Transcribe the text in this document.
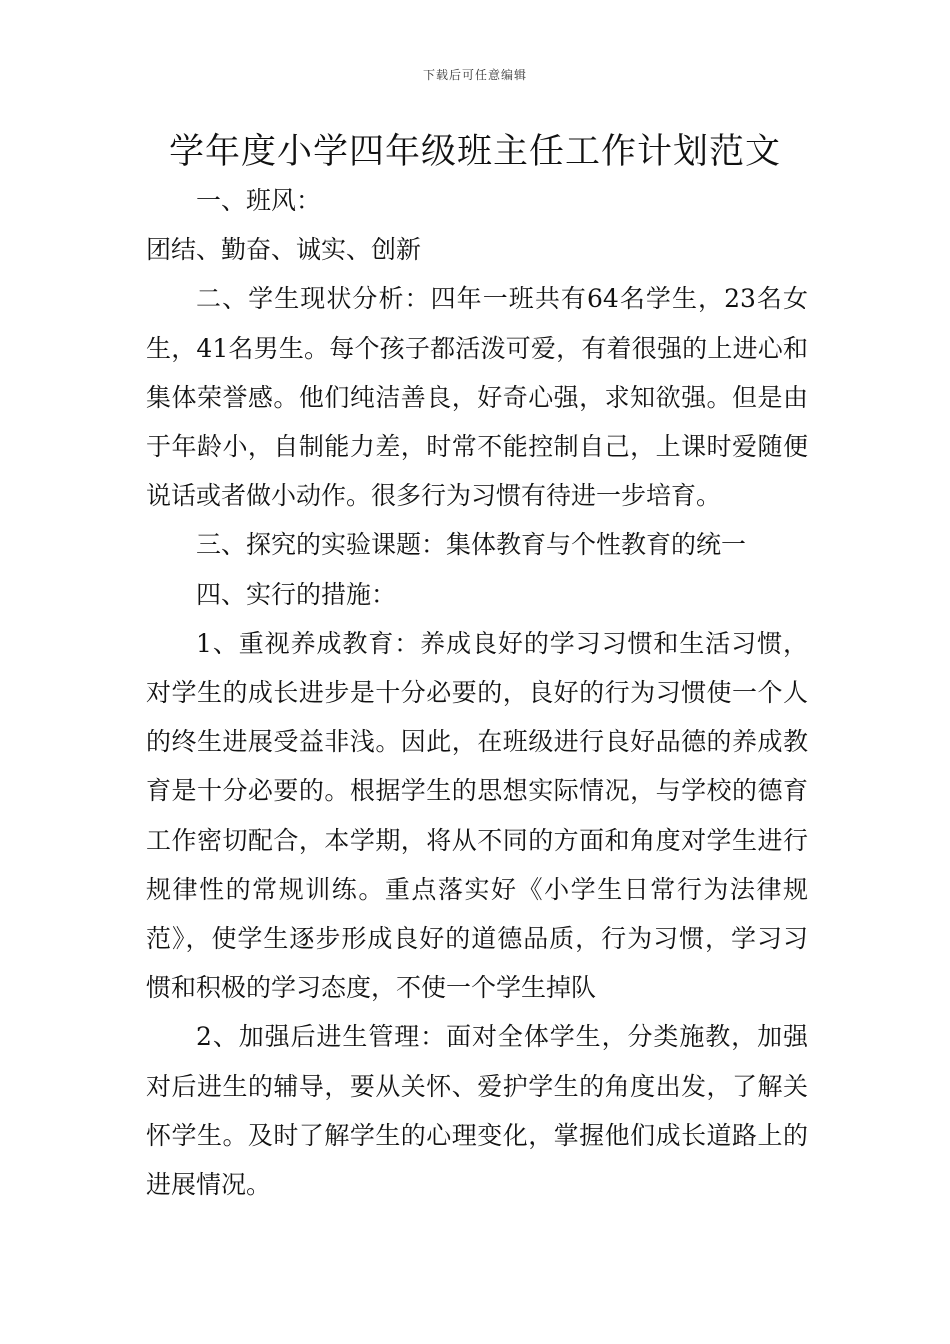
下载后可任意编辑
学年度小学四年级班主任工作计划范文

一、班风：

团结、勤奋、诚实、创新

二、学生现状分析：四年一班共有64名学生，23名女生，41名男生。每个孩子都活泼可爱，有着很强的上进心和集体荣誉感。他们纯洁善良，好奇心强，求知欲强。但是由于年龄小，自制能力差，时常不能控制自己，上课时爱随便说话或者做小动作。很多行为习惯有待进一步培育。

三、探究的实验课题：集体教育与个性教育的统一

四、实行的措施：

1、重视养成教育：养成良好的学习习惯和生活习惯，对学生的成长进步是十分必要的，良好的行为习惯使一个人的终生进展受益非浅。因此，在班级进行良好品德的养成教育是十分必要的。根据学生的思想实际情况，与学校的德育工作密切配合，本学期，将从不同的方面和角度对学生进行规律性的常规训练。重点落实好《小学生日常行为法律规范》，使学生逐步形成良好的道德品质，行为习惯，学习习惯和积极的学习态度，不使一个学生掉队

2、加强后进生管理：面对全体学生，分类施教，加强对后进生的辅导，要从关怀、爱护学生的角度出发，了解关怀学生。及时了解学生的心理变化，掌握他们成长道路上的进展情况。
